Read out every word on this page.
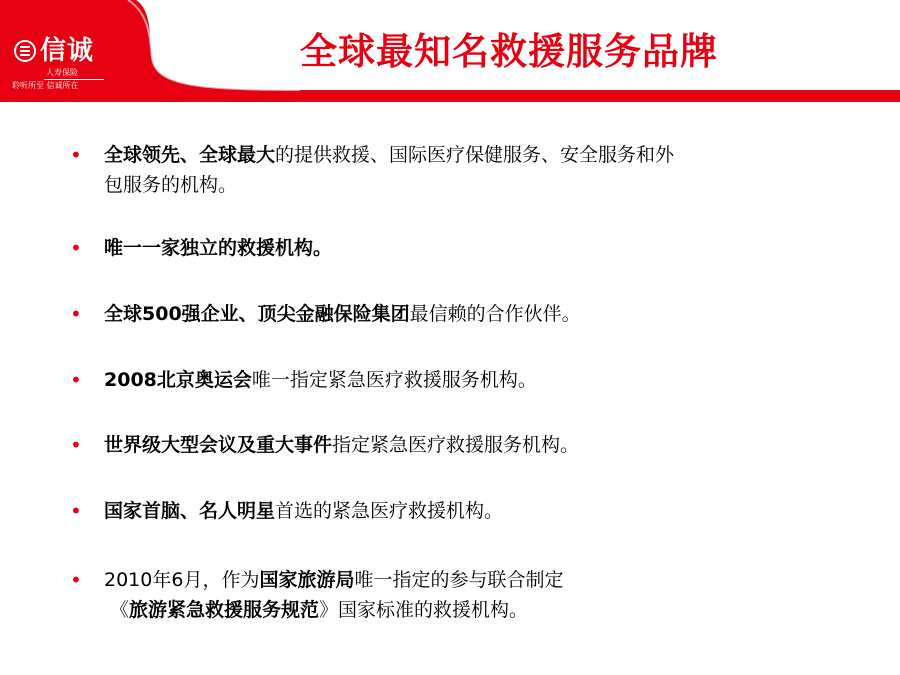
信诚
人寿保险
聆听所至 信诚所在
全球最知名救援服务品牌
•	全球领先、全球最大的提供救援、国际医疗保健服务、安全服务和外
包服务的机构。
•	唯一一家独立的救援机构。
•	全球500强企业、顶尖金融保险集团最信赖的合作伙伴。
•	2008北京奥运会唯一指定紧急医疗救援服务机构。
•	世界级大型会议及重大事件指定紧急医疗救援服务机构。
•	国家首脑、名人明星首选的紧急医疗救援机构。
•	2010年6月，作为国家旅游局唯一指定的参与联合制定

《旅游紧急救援服务规范》国家标准的救援机构。
